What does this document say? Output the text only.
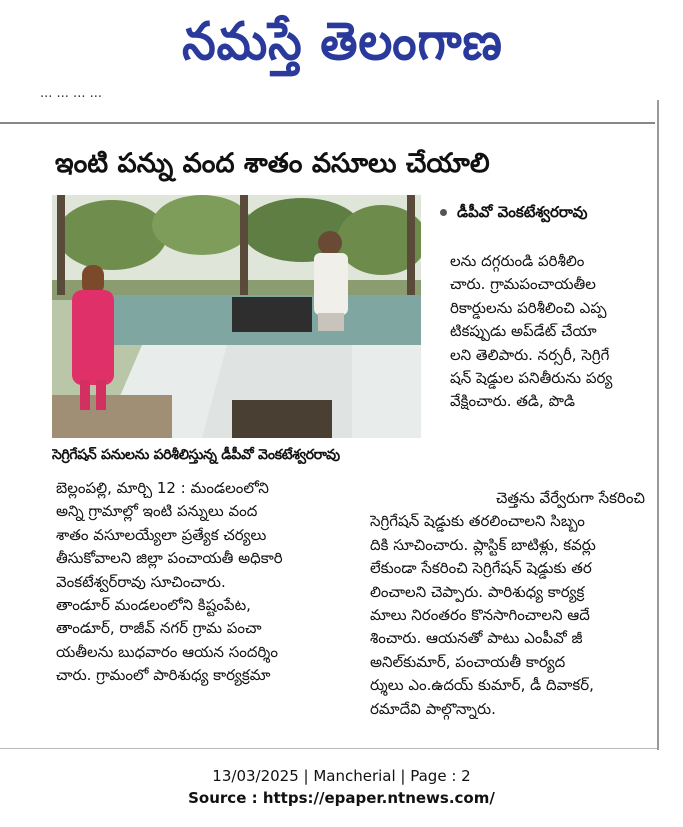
నమస్తే తెలంగాణ
... ... ... ...
ఇంటి పన్ను వంద శాతం వసూలు చేయాలి
సెగ్రిగేషన్ పనులను పరిశీలిస్తున్న డీపీవో వెంకటేశ్వరరావు
డీపీవో వెంకటేశ్వరరావు
లను దగ్గరుండి పరిశీలిం
చారు. గ్రామపంచాయతీల
రికార్డులను పరిశీలించి ఎప్ప
టికప్పుడు అప్‌డేట్ చేయా
లని తెలిపారు. నర్సరీ, సెగ్రిగే
షన్ షెడ్డుల పనితీరును పర్య
వేక్షించారు. తడి, పొడి
బెల్లంపల్లి, మార్చి 12 : మండలంలోని
అన్ని గ్రామాల్లో ఇంటి పన్నులు వంద
శాతం వసూలయ్యేలా ప్రత్యేక చర్యలు
తీసుకోవాలని జిల్లా పంచాయతీ అధికారి
వెంకటేశ్వర్‌రావు సూచించారు.
తాండూర్ మండలంలోని కిష్టంపేట,
తాండూర్, రాజీవ్ నగర్ గ్రామ పంచా
యతీలను బుధవారం ఆయన సందర్శిం
చారు. గ్రామంలో పారిశుధ్య కార్యక్రమా
చెత్తను వేర్వేరుగా సేకరించి
సెగ్రిగేషన్ షెడ్డుకు తరలించాలని సిబ్బం
దికి సూచించారు. ప్లాస్టిక్ బాటిళ్లు, కవర్లు
లేకుండా సేకరించి సెగ్రిగేషన్ షెడ్డుకు తర
లించాలని చెప్పారు. పారిశుధ్య కార్యక్ర
మాలు నిరంతరం కొనసాగించాలని ఆదే
శించారు. ఆయనతో పాటు ఎంపీవో జీ
అనిల్‌కుమార్, పంచాయతీ కార్యద
ర్శులు ఎం.ఉదయ్ కుమార్, డీ దివాకర్,
రమాదేవి పాల్గొన్నారు.
13/03/2025 | Mancherial | Page : 2
Source : https://epaper.ntnews.com/
